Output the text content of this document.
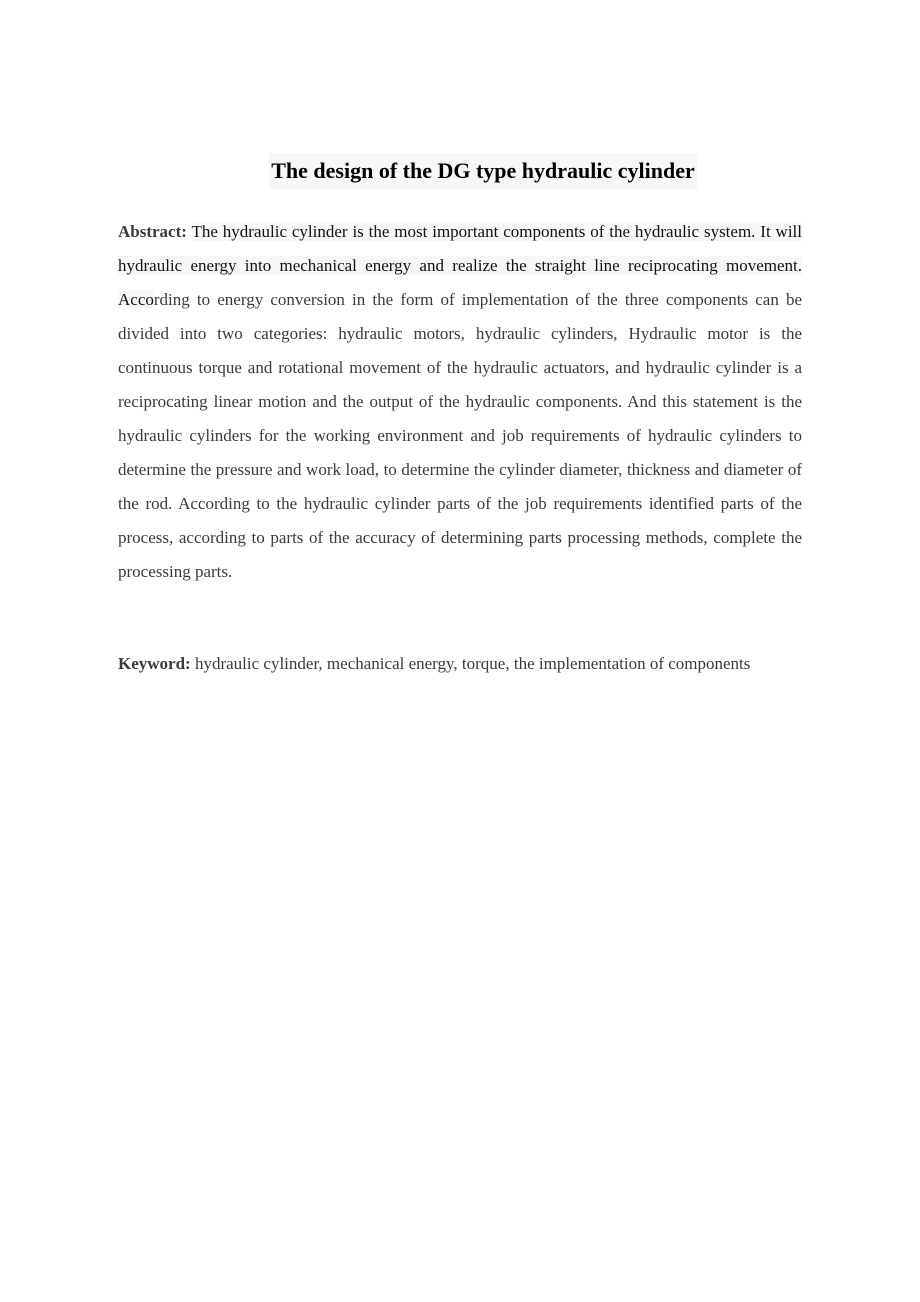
The design of the DG type hydraulic cylinder
Abstract: The hydraulic cylinder is the most important components of the hydraulic system. It will hydraulic energy into mechanical energy and realize the straight line reciprocating movement. According to energy conversion in the form of implementation of the three components can be divided into two categories: hydraulic motors, hydraulic cylinders, Hydraulic motor is the continuous torque and rotational movement of the hydraulic actuators, and hydraulic cylinder is a reciprocating linear motion and the output of the hydraulic components. And this statement is the hydraulic cylinders for the working environment and job requirements of hydraulic cylinders to determine the pressure and work load, to determine the cylinder diameter, thickness and diameter of the rod. According to the hydraulic cylinder parts of the job requirements identified parts of the process, according to parts of the accuracy of determining parts processing methods, complete the processing parts.
Keyword: hydraulic cylinder, mechanical energy, torque, the implementation of components
